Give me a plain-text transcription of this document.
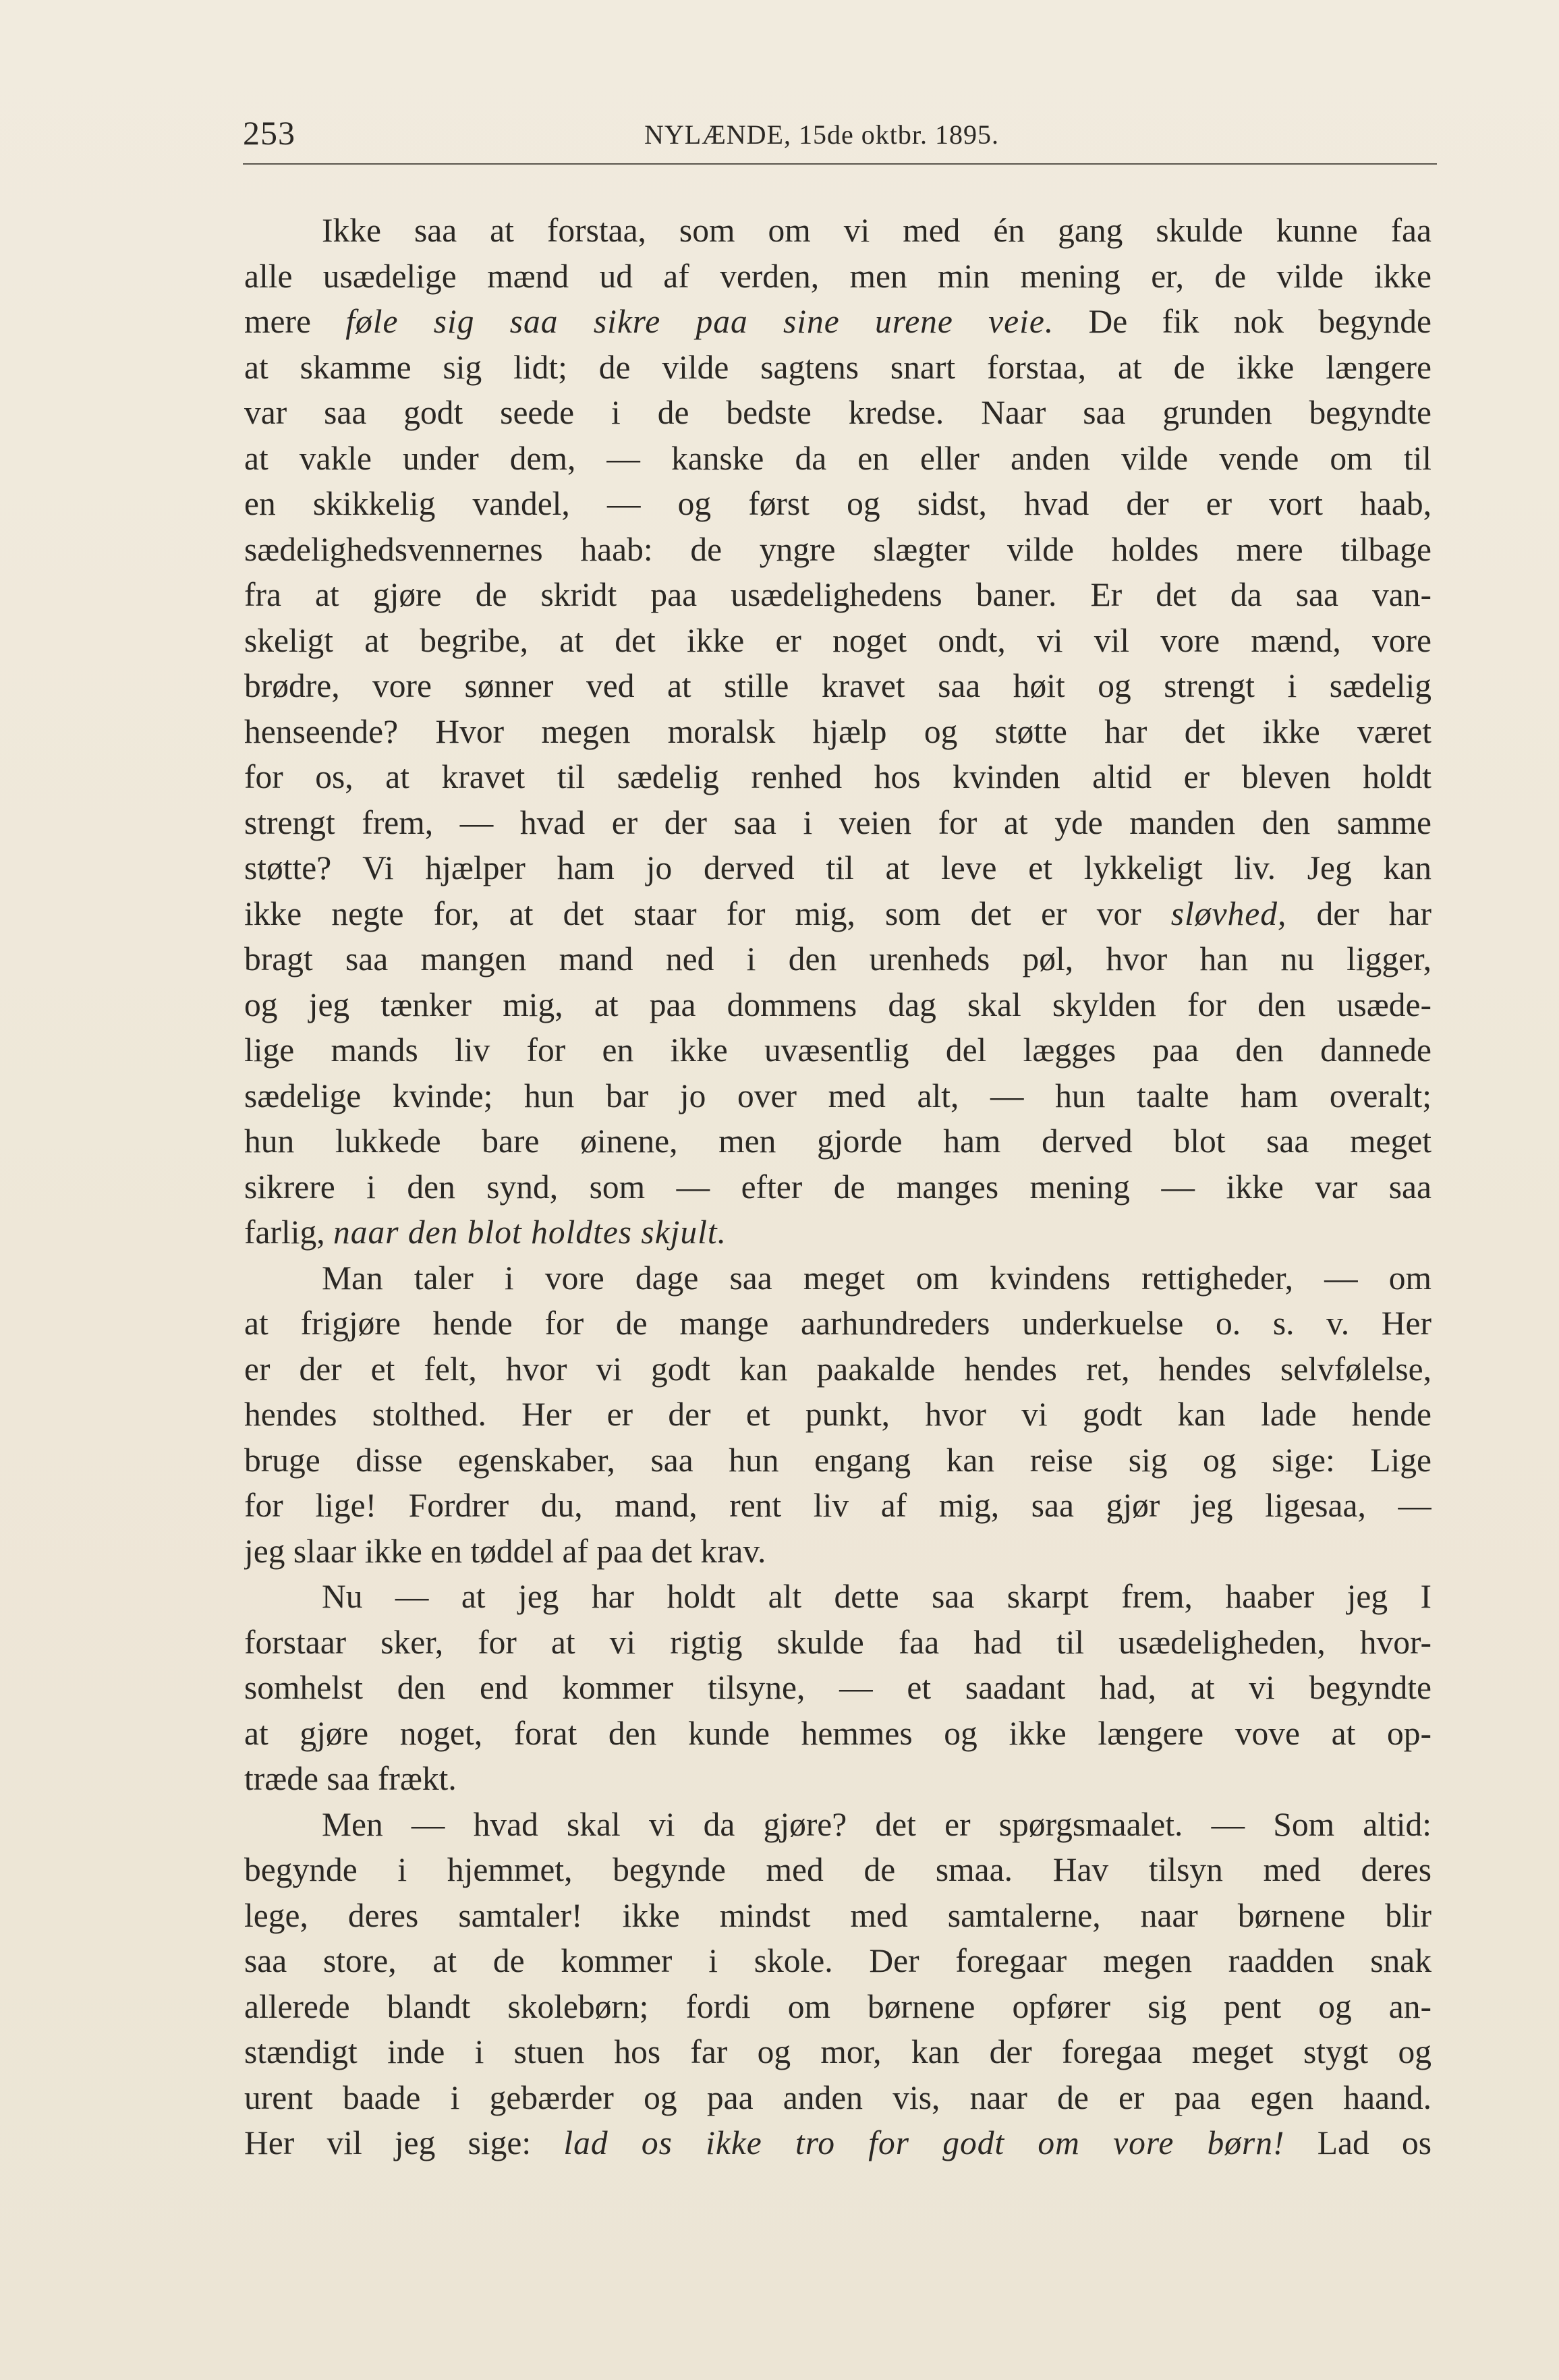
253	NYLÆNDE, 15de oktbr. 1895.
Ikke saa at forstaa, som om vi med én gang skulde kunne faa
alle usædelige mænd ud af verden, men min mening er, de vilde ikke
mere føle sig saa sikre paa sine urene veie. De fik nok begynde
at skamme sig lidt; de vilde sagtens snart forstaa, at de ikke længere
var saa godt seede i de bedste kredse. Naar saa grunden begyndte
at vakle under dem, — kanske da en eller anden vilde vende om til
en skikkelig vandel, — og først og sidst, hvad der er vort haab,
sædelighedsvennernes haab: de yngre slægter vilde holdes mere tilbage
fra at gjøre de skridt paa usædelighedens baner. Er det da saa van-
skeligt at begribe, at det ikke er noget ondt, vi vil vore mænd, vore
brødre, vore sønner ved at stille kravet saa høit og strengt i sædelig
henseende? Hvor megen moralsk hjælp og støtte har det ikke været
for os, at kravet til sædelig renhed hos kvinden altid er bleven holdt
strengt frem, — hvad er der saa i veien for at yde manden den samme
støtte? Vi hjælper ham jo derved til at leve et lykkeligt liv. Jeg kan
ikke negte for, at det staar for mig, som det er vor sløvhed, der har
bragt saa mangen mand ned i den urenheds pøl, hvor han nu ligger,
og jeg tænker mig, at paa dommens dag skal skylden for den usæde-
lige mands liv for en ikke uvæsentlig del lægges paa den dannede
sædelige kvinde; hun bar jo over med alt, — hun taalte ham overalt;
hun lukkede bare øinene, men gjorde ham derved blot saa meget
sikrere i den synd, som — efter de manges mening — ikke var saa
farlig, naar den blot holdtes skjult.
Man taler i vore dage saa meget om kvindens rettigheder, — om
at frigjøre hende for de mange aarhundreders underkuelse o. s. v. Her
er der et felt, hvor vi godt kan paakalde hendes ret, hendes selvfølelse,
hendes stolthed. Her er der et punkt, hvor vi godt kan lade hende
bruge disse egenskaber, saa hun engang kan reise sig og sige: Lige
for lige! Fordrer du, mand, rent liv af mig, saa gjør jeg ligesaa, —
jeg slaar ikke en tøddel af paa det krav.
Nu — at jeg har holdt alt dette saa skarpt frem, haaber jeg I
forstaar sker, for at vi rigtig skulde faa had til usædeligheden, hvor-
somhelst den end kommer tilsyne, — et saadant had, at vi begyndte
at gjøre noget, forat den kunde hemmes og ikke længere vove at op-
træde saa frækt.
Men — hvad skal vi da gjøre? det er spørgsmaalet. — Som altid:
begynde i hjemmet, begynde med de smaa. Hav tilsyn med deres
lege, deres samtaler! ikke mindst med samtalerne, naar børnene blir
saa store, at de kommer i skole. Der foregaar megen raadden snak
allerede blandt skolebørn; fordi om børnene opfører sig pent og an-
stændigt inde i stuen hos far og mor, kan der foregaa meget stygt og
urent baade i gebærder og paa anden vis, naar de er paa egen haand.
Her vil jeg sige: lad os ikke tro for godt om vore børn! Lad os
